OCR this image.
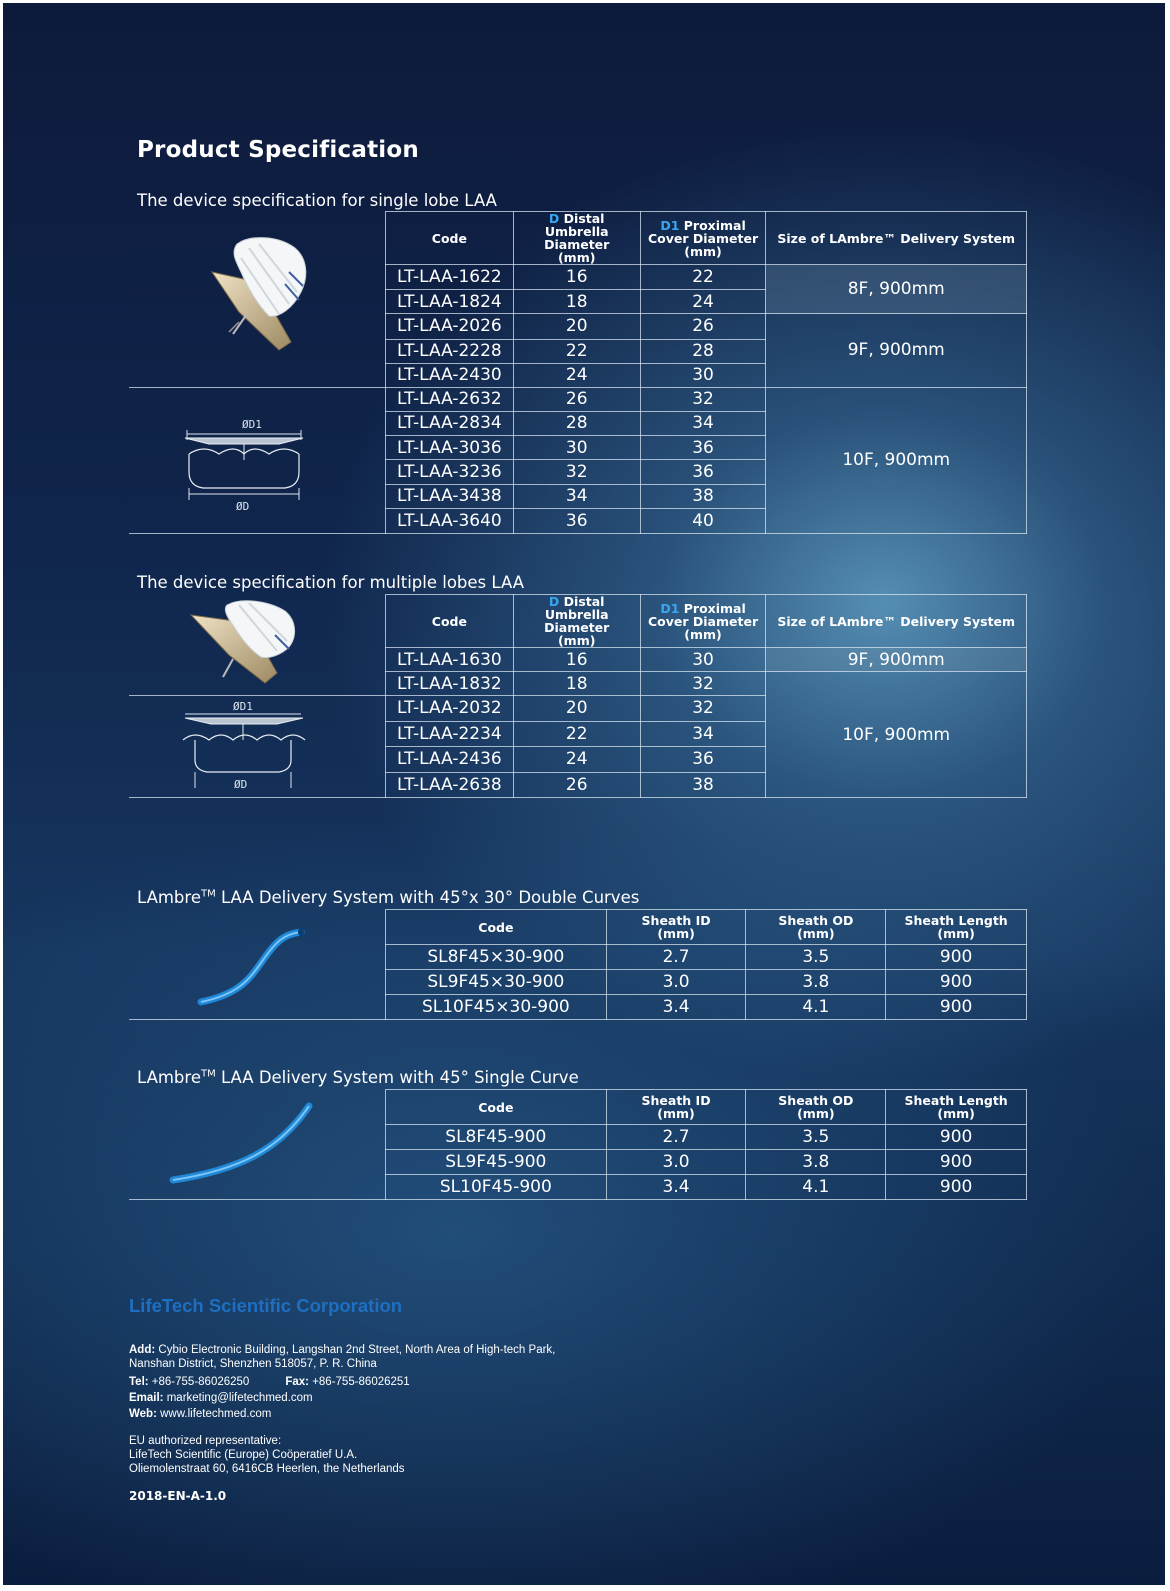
Product Specification
The device specification for single lobe LAA
	Code	D Distal
Umbrella Diameter
(mm)	D1 Proximal
Cover Diameter
(mm)	Size of LAmbre™ Delivery System
	LT-LAA-1622	16	22	8F, 900mm
	LT-LAA-1824	18	24	
	LT-LAA-2026	20	26	9F, 900mm
	LT-LAA-2228	22	28	
	LT-LAA-2430	24	30	

ØD1
ØD	LT-LAA-2632	26	32	10F, 900mm
	LT-LAA-2834	28	34	
	LT-LAA-3036	30	36	
	LT-LAA-3236	32	36	
	LT-LAA-3438	34	38	
	LT-LAA-3640	36	40	
The device specification for multiple lobes LAA
	Code	D Distal
Umbrella Diameter
(mm)	D1 Proximal
Cover Diameter
(mm)	Size of LAmbre™ Delivery System
	LT-LAA-1630	16	30	9F, 900mm
	LT-LAA-1832	18	32	10F, 900mm

ØD1
ØD	LT-LAA-2032	20	32	
	LT-LAA-2234	22	34	
	LT-LAA-2436	24	36	
	LT-LAA-2638	26	38	
LAmbre™ LAA Delivery System with 45°x 30° Double Curves
	Code	Sheath ID
(mm)	Sheath OD
(mm)	Sheath Length
(mm)
	SL8F45×30-900	2.7	3.5	900
	SL9F45×30-900	3.0	3.8	900
	SL10F45×30-900	3.4	4.1	900
LAmbre™ LAA Delivery System with 45° Single Curve
	Code	Sheath ID
(mm)	Sheath OD
(mm)	Sheath Length
(mm)
	SL8F45-900	2.7	3.5	900
	SL9F45-900	3.0	3.8	900
	SL10F45-900	3.4	4.1	900
LifeTech Scientific Corporation
Add: Cybio Electronic Building, Langshan 2nd Street, North Area of High-tech Park,
Nanshan District, Shenzhen 518057, P. R. China
Tel: +86-755-86026250	Fax: +86-755-86026251
Email: marketing@lifetechmed.com
Web: www.lifetechmed.com
EU authorized representative:
LifeTech Scientific (Europe) Coöperatief U.A.
Oliemolenstraat 60, 6416CB Heerlen, the Netherlands
2018-EN-A-1.0
